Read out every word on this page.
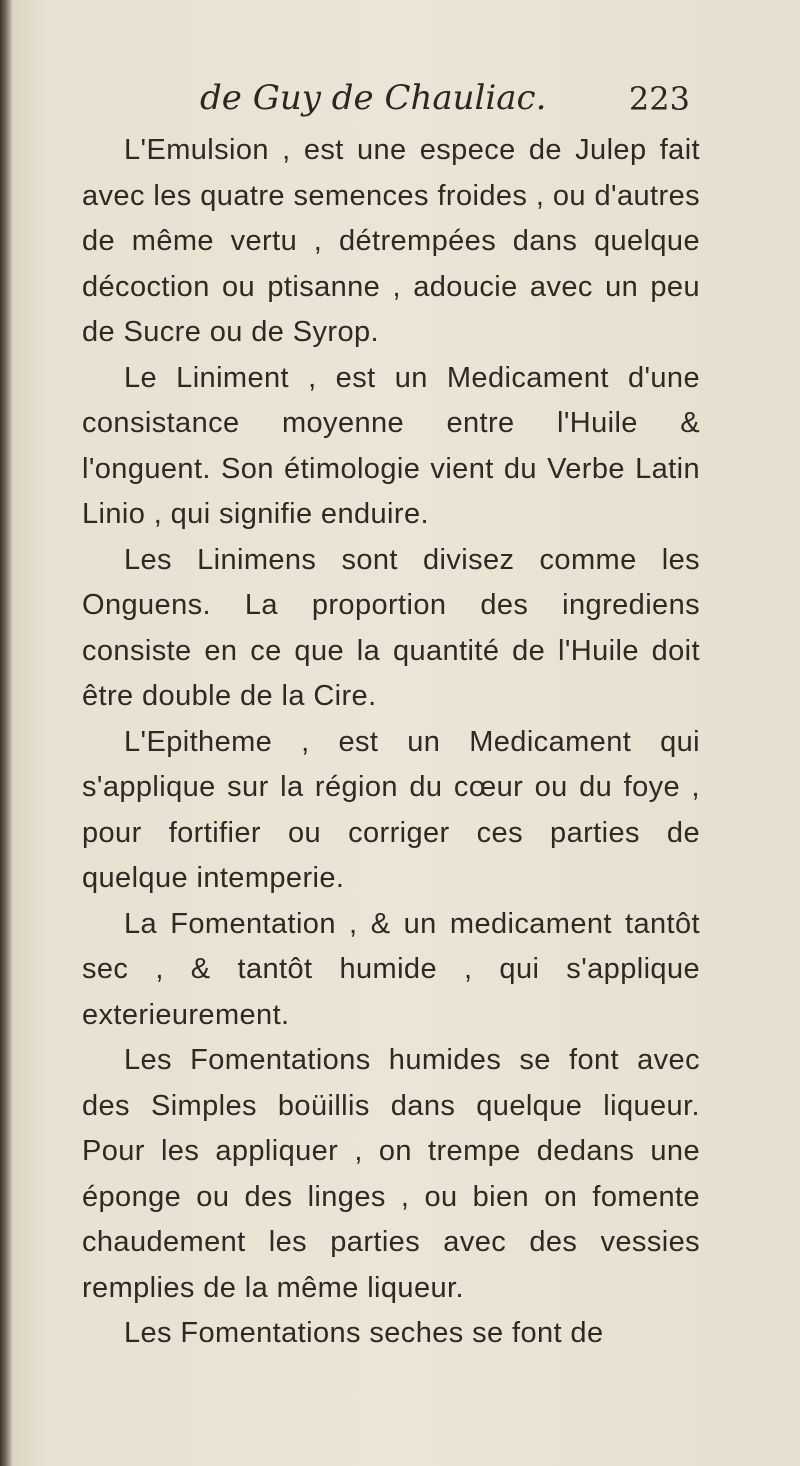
de Guy de Chauliac.	223

L'Emulsion , est une espece de Julep fait avec les quatre semences froides , ou d'autres de même vertu , détrempées dans quelque décoction ou ptisanne , adoucie avec un peu de Sucre ou de Syrop.

Le Liniment , est un Medicament d'une consistance moyenne entre l'Huile & l'onguent. Son étimologie vient du Verbe Latin Linio , qui signifie enduire.

Les Linimens sont divisez comme les Onguens. La proportion des ingrediens consiste en ce que la quantité de l'Huile doit être double de la Cire.

L'Epitheme , est un Medicament qui s'applique sur la région du cœur ou du foye , pour fortifier ou corriger ces parties de quelque intemperie.

La Fomentation , & un medicament tantôt sec , & tantôt humide , qui s'applique exterieurement.

Les Fomentations humides se font avec des Simples boüillis dans quelque liqueur. Pour les appliquer , on trempe dedans une éponge ou des linges , ou bien on fomente chaudement les parties avec des vessies remplies de la même liqueur.

Les Fomentations seches se font de
